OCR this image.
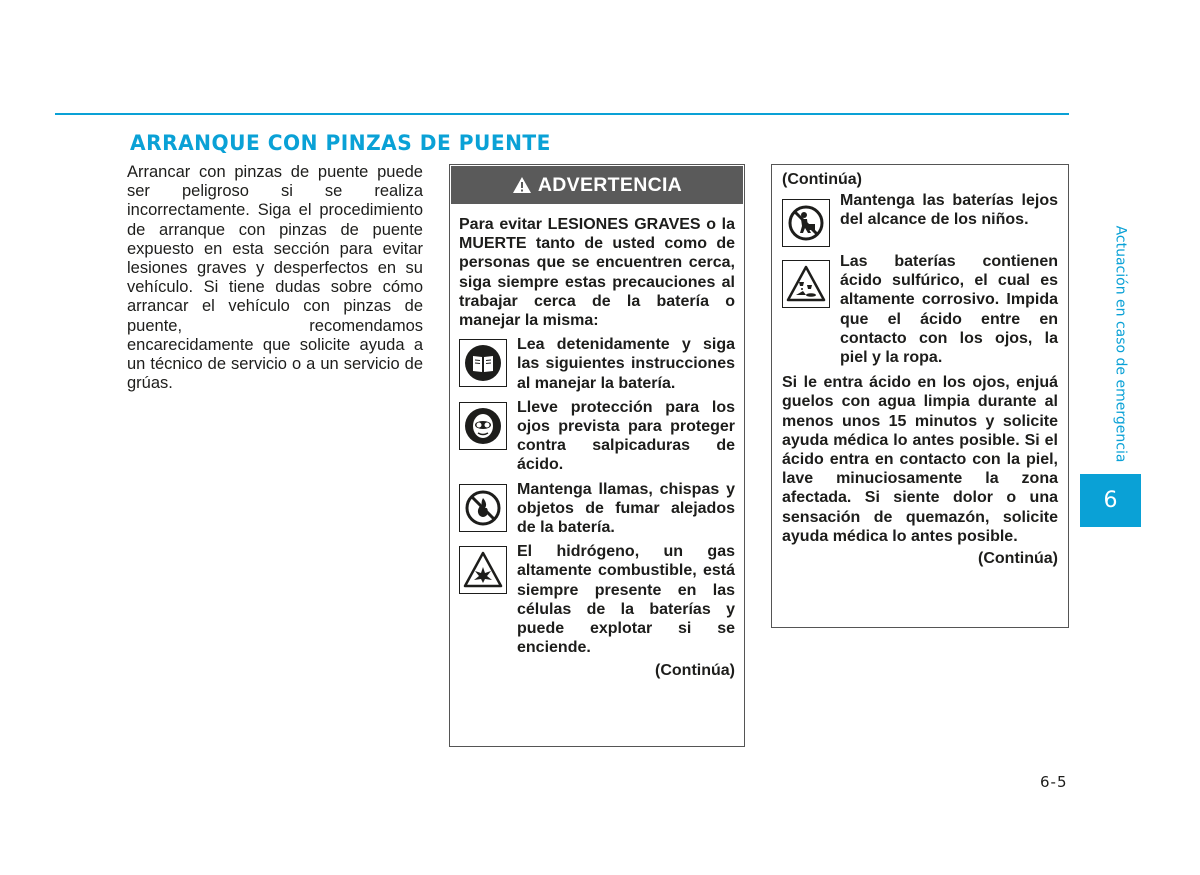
ARRANQUE CON PINZAS DE PUENTE

Arrancar con pinzas de puente puede ser peligroso si se realiza incorrectamente. Siga el procedimiento de arranque con pinzas de puente expuesto en esta sección para evitar lesiones graves y desperfectos en su vehículo. Si tiene dudas sobre cómo arrancar el vehículo con pinzas de puente, recomendamos encarecidamente que solicite ayuda a un técnico de servicio o a un servicio de grúas.

ADVERTENCIA

Para evitar LESIONES GRAVES o la MUERTE tanto de usted como de personas que se encuentren cerca, siga siempre estas precauciones al trabajar cerca de la batería o manejar la misma:

Lea detenidamente y siga las siguientes instrucciones al manejar la batería.
Lleve protección para los ojos prevista para proteger contra salpicaduras de ácido.
Mantenga llamas, chispas y objetos de fumar alejados de la batería.
El hidrógeno, un gas altamente combustible, está siempre presente en las células de la baterías y puede explotar si se enciende.
(Continúa)
(Continúa)
Mantenga las baterías lejos del alcance de los niños.
Las baterías contienen ácido sulfúrico, el cual es altamente corrosivo. Impida que el ácido entre en contacto con los ojos, la piel y la ropa.

Si le entra ácido en los ojos, enjuá guelos con agua limpia durante al menos unos 15 minutos y solicite ayuda médica lo antes posible. Si el ácido entra en contacto con la piel, lave minuciosamente la zona afectada. Si siente dolor o una sensación de quemazón, solicite ayuda médica lo antes posible.

(Continúa)
Actuación en caso de emergencia
6
6-5
